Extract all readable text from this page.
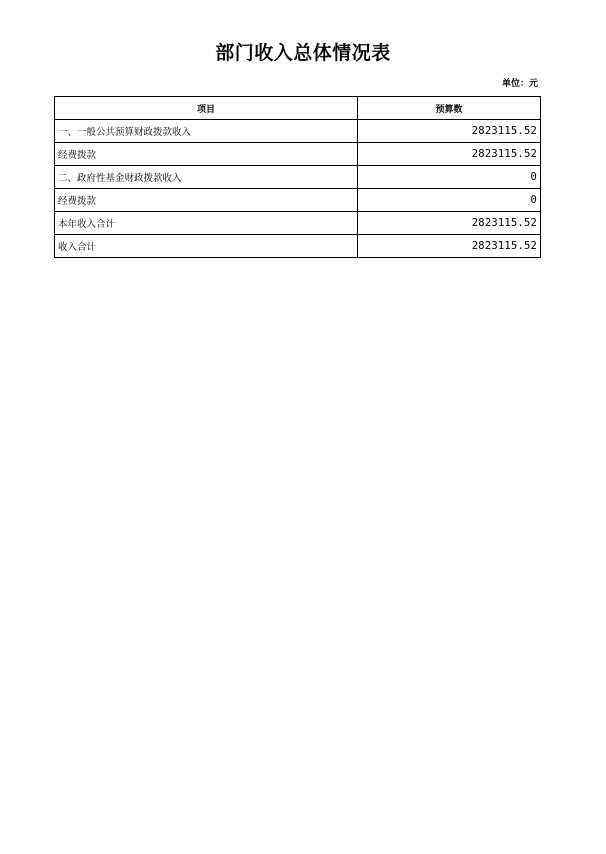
部门收入总体情况表
单位：元
项目	预算数
一、一般公共预算财政拨款收入	2823115.52
经费拨款	2823115.52
二、政府性基金财政拨款收入	0
经费拨款	0
本年收入合计	2823115.52
收入合计	2823115.52
